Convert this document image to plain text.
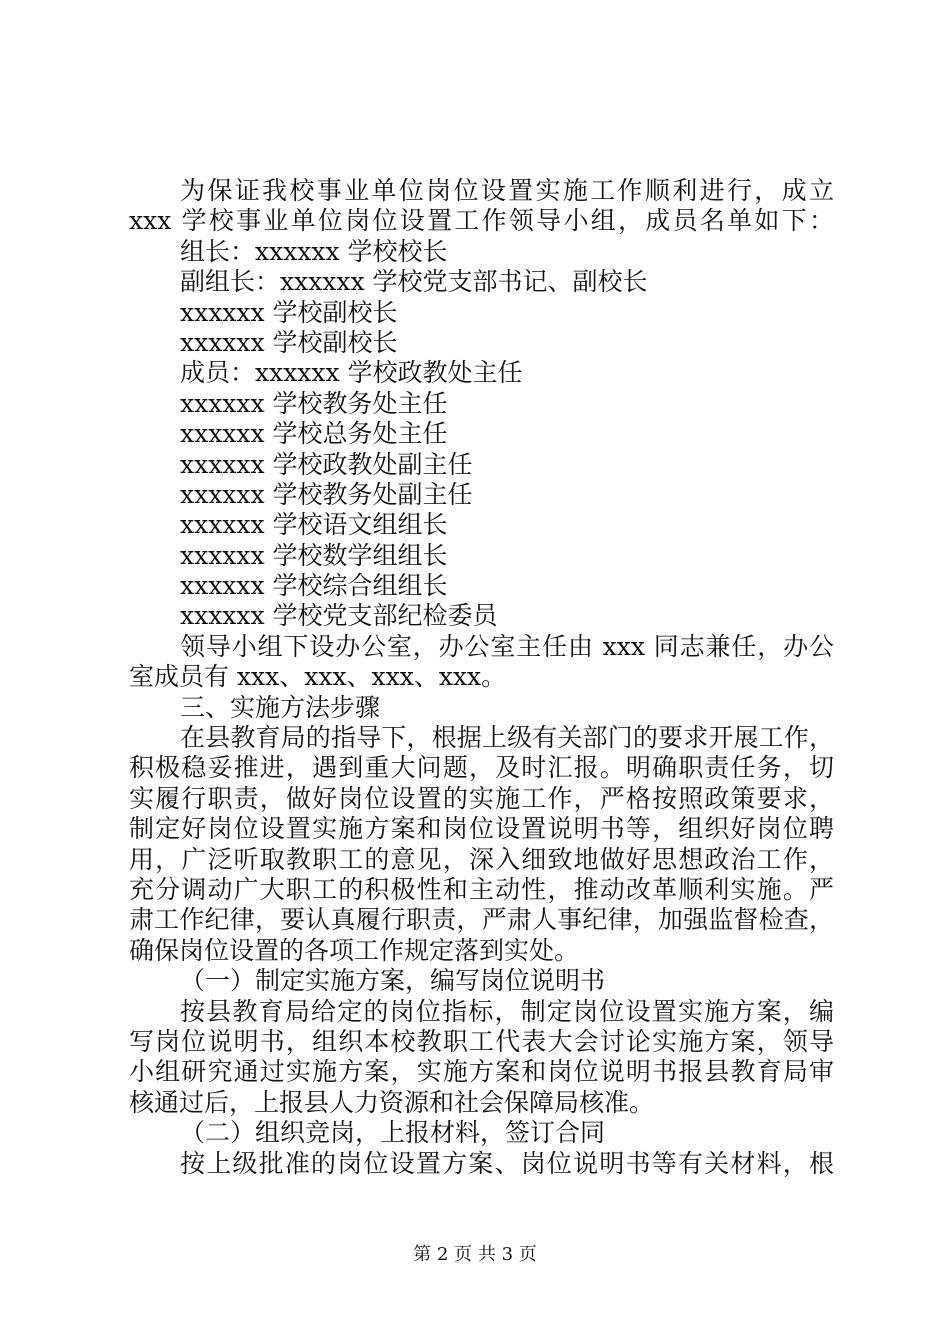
为保证我校事业单位岗位设置实施工作顺利进行，成立
xxx 学校事业单位岗位设置工作领导小组，成员名单如下：
组长：xxxxxx 学校校长
副组长：xxxxxx 学校党支部书记、副校长
xxxxxx 学校副校长
xxxxxx 学校副校长
成员：xxxxxx 学校政教处主任
xxxxxx 学校教务处主任
xxxxxx 学校总务处主任
xxxxxx 学校政教处副主任
xxxxxx 学校教务处副主任
xxxxxx 学校语文组组长
xxxxxx 学校数学组组长
xxxxxx 学校综合组组长
xxxxxx 学校党支部纪检委员
领导小组下设办公室，办公室主任由 xxx 同志兼任，办公
室成员有 xxx、xxx、xxx、xxx。
三、实施方法步骤
在县教育局的指导下，根据上级有关部门的要求开展工作，
积极稳妥推进，遇到重大问题，及时汇报。明确职责任务，切
实履行职责，做好岗位设置的实施工作，严格按照政策要求，
制定好岗位设置实施方案和岗位设置说明书等，组织好岗位聘
用，广泛听取教职工的意见，深入细致地做好思想政治工作，
充分调动广大职工的积极性和主动性，推动改革顺利实施。严
肃工作纪律，要认真履行职责，严肃人事纪律，加强监督检查，
确保岗位设置的各项工作规定落到实处。
（一）制定实施方案，编写岗位说明书
按县教育局给定的岗位指标，制定岗位设置实施方案，编
写岗位说明书，组织本校教职工代表大会讨论实施方案，领导
小组研究通过实施方案，实施方案和岗位说明书报县教育局审
核通过后，上报县人力资源和社会保障局核准。
（二）组织竞岗，上报材料，签订合同
按上级批准的岗位设置方案、岗位说明书等有关材料，根
第 2 页 共 3 页
